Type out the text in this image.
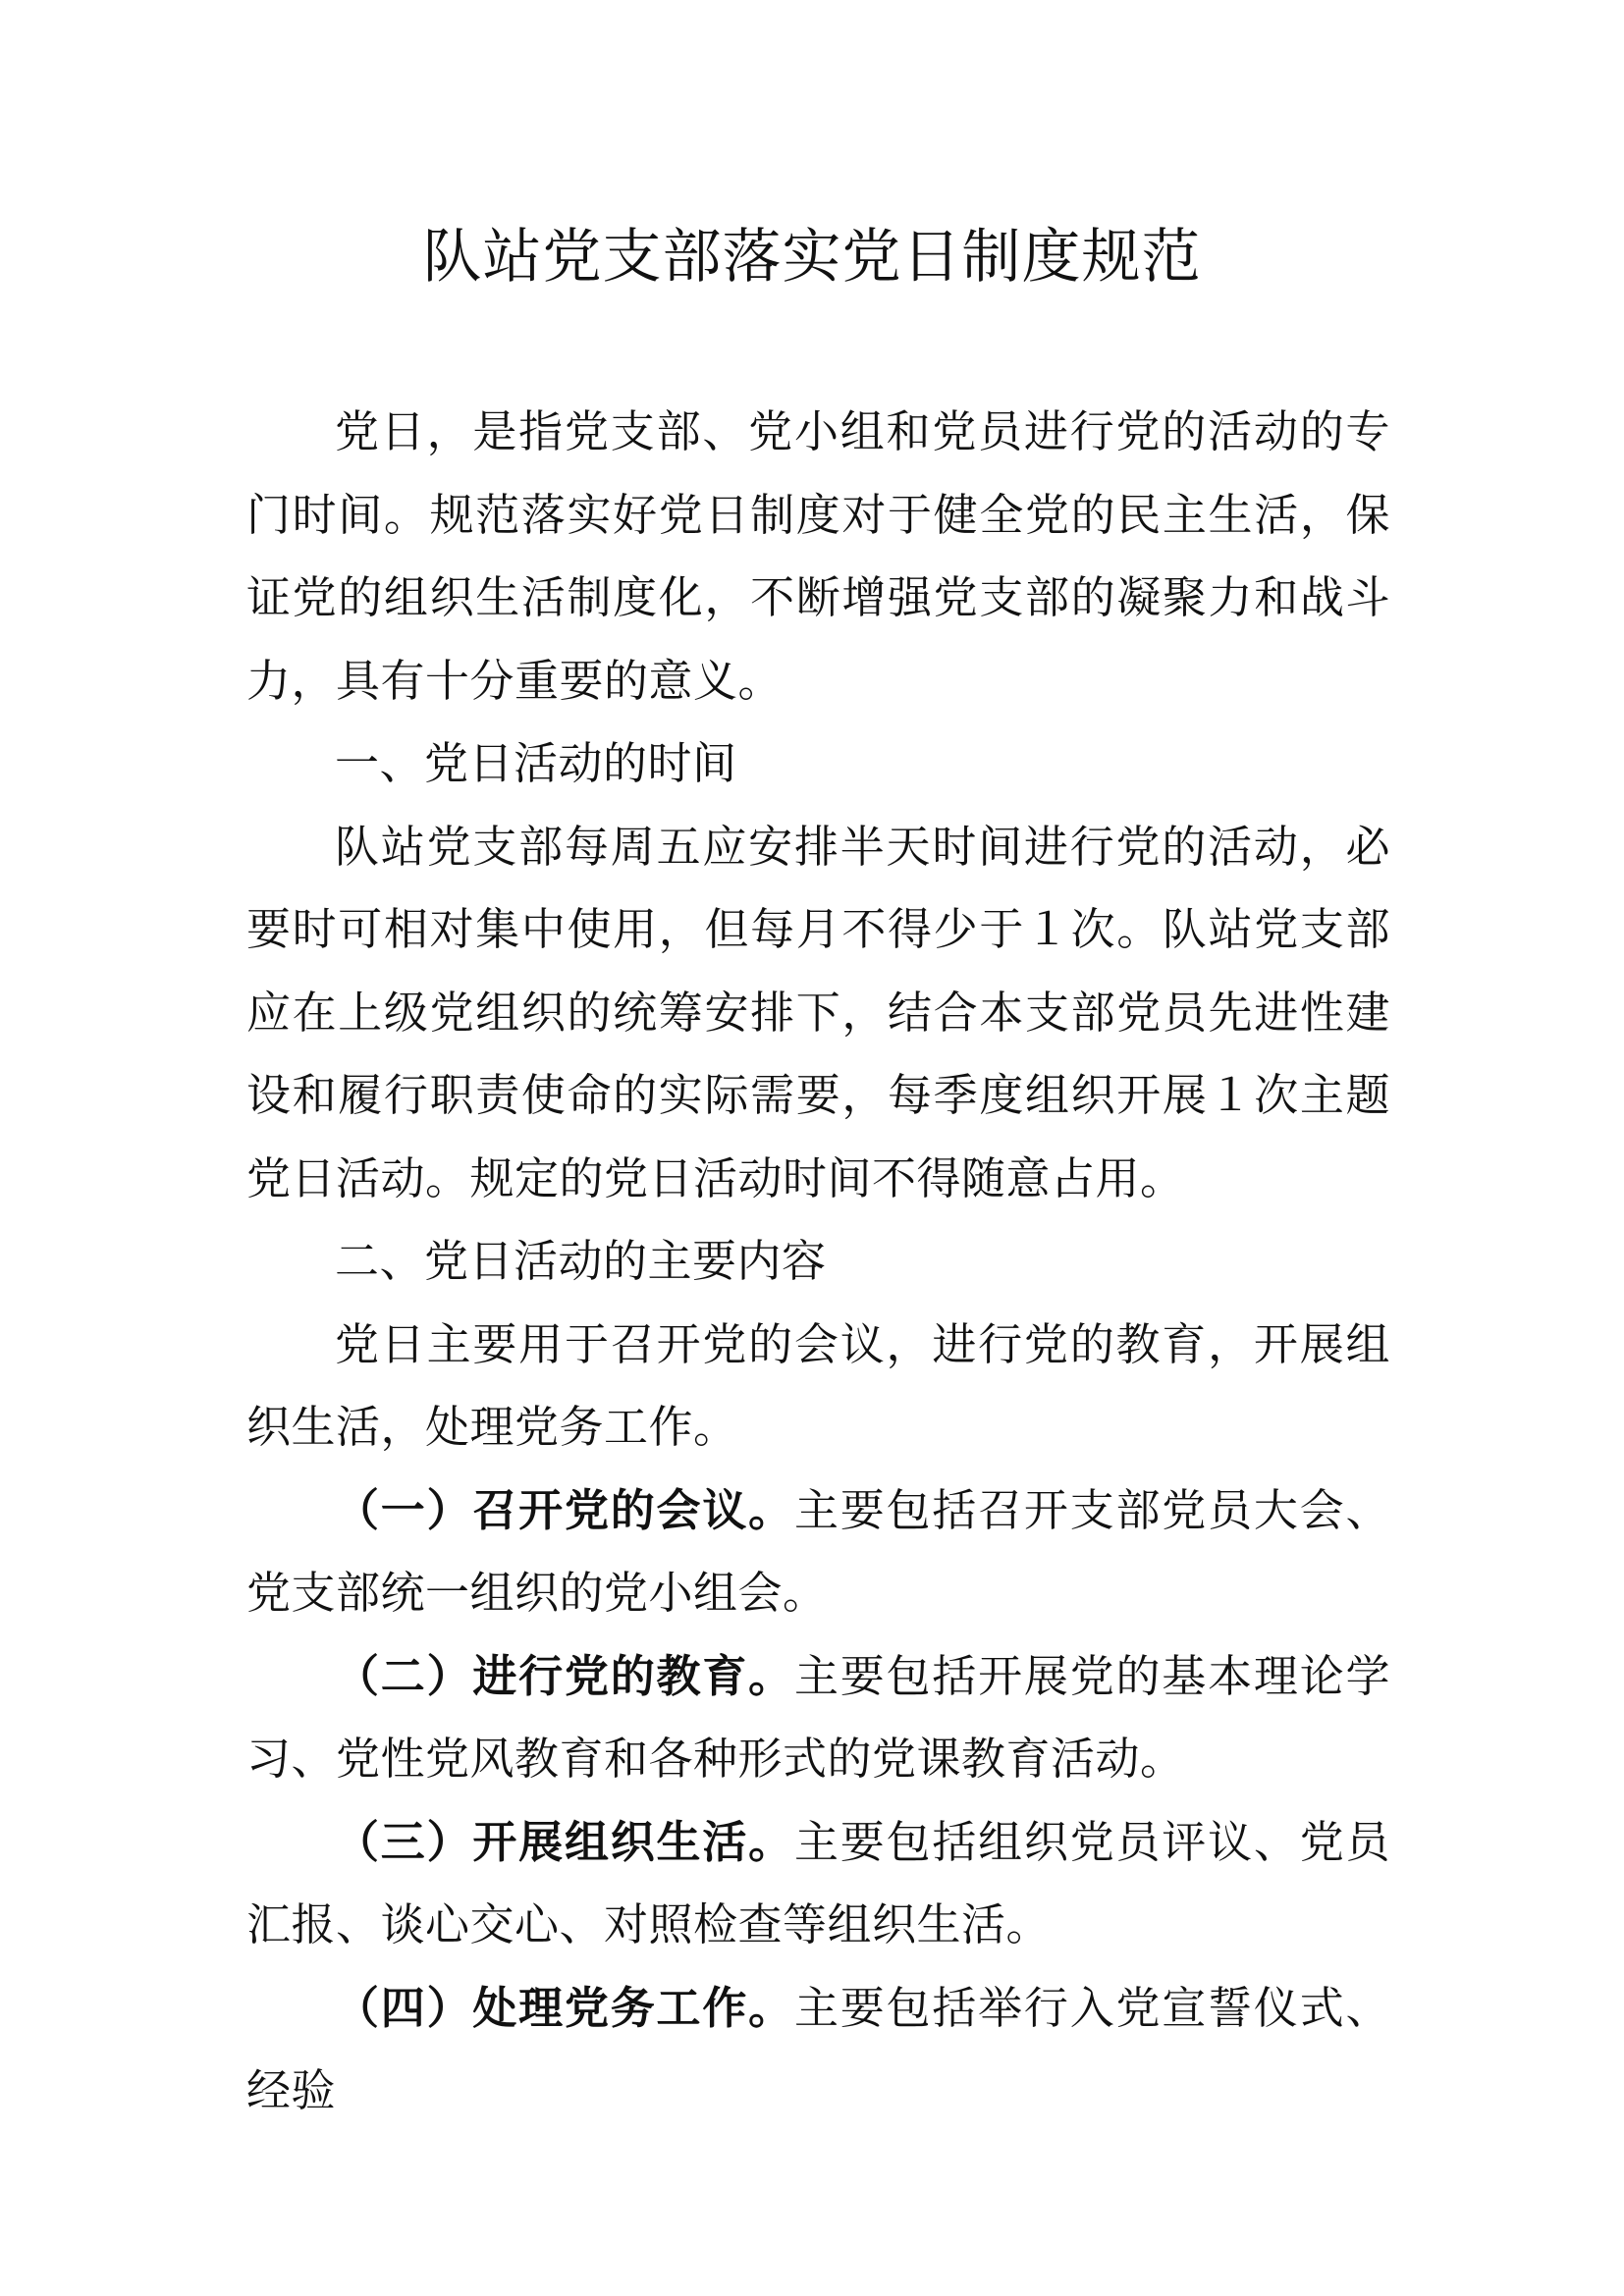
队站党支部落实党日制度规范

党日，是指党支部、党小组和党员进行党的活动的专门时间。规范落实好党日制度对于健全党的民主生活，保证党的组织生活制度化，不断增强党支部的凝聚力和战斗力，具有十分重要的意义。

一、党日活动的时间

队站党支部每周五应安排半天时间进行党的活动，必要时可相对集中使用，但每月不得少于１次。队站党支部应在上级党组织的统筹安排下，结合本支部党员先进性建设和履行职责使命的实际需要，每季度组织开展１次主题党日活动。规定的党日活动时间不得随意占用。

二、党日活动的主要内容

党日主要用于召开党的会议，进行党的教育，开展组织生活，处理党务工作。

（一）召开党的会议。主要包括召开支部党员大会、党支部统一组织的党小组会。

（二）进行党的教育。主要包括开展党的基本理论学习、党性党风教育和各种形式的党课教育活动。

（三）开展组织生活。主要包括组织党员评议、党员汇报、谈心交心、对照检查等组织生活。

（四）处理党务工作。主要包括举行入党宣誓仪式、经验
